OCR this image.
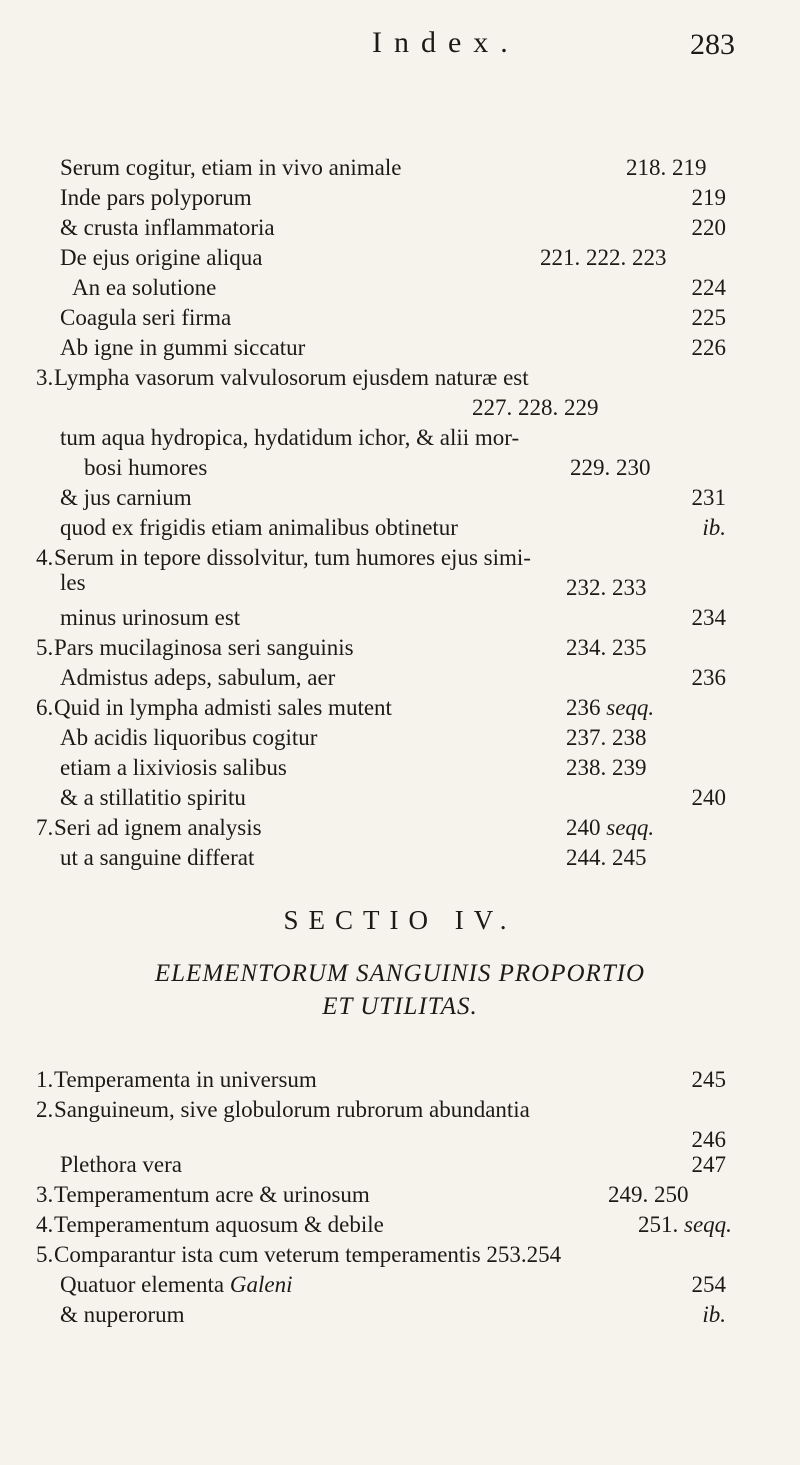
Index.	283
Serum cogitur, etiam in vivo animale	218. 219
Inde pars polyporum	219
& crusta inflammatoria	220
De ejus origine aliqua	221. 222. 223
An ea solutione	224
Coagula seri firma	225
Ab igne in gummi siccatur	226
3.Lympha vasorum valvulosorum ejusdem naturæ est
227. 228. 229
tum aqua hydropica, hydatidum ichor, & alii mor-
bosi humores	229. 230
& jus carnium	231
quod ex frigidis etiam animalibus obtinetur	ib.
4.Serum in tepore dissolvitur, tum humores ejus simi-
les	232. 233
minus urinosum est	234
5.Pars mucilaginosa seri sanguinis	234. 235
Admistus adeps, sabulum, aer	236
6.Quid in lympha admisti sales mutent	236 seqq.
Ab acidis liquoribus cogitur	237. 238
etiam a lixiviosis salibus	238. 239
& a stillatitio spiritu	240
7.Seri ad ignem analysis	240 seqq.
ut a sanguine differat	244. 245
SECTIO IV.
ELEMENTORUM SANGUINIS PROPORTIO
ET UTILITAS.
1.Temperamenta in universum	245
2.Sanguineum, sive globulorum rubrorum abundantia
246
Plethora vera	247
3.Temperamentum acre & urinosum	249. 250
4.Temperamentum aquosum & debile	251. seqq.
5.Comparantur ista cum veterum temperamentis 253.254
Quatuor elementa Galeni	254
& nuperorum	ib.
